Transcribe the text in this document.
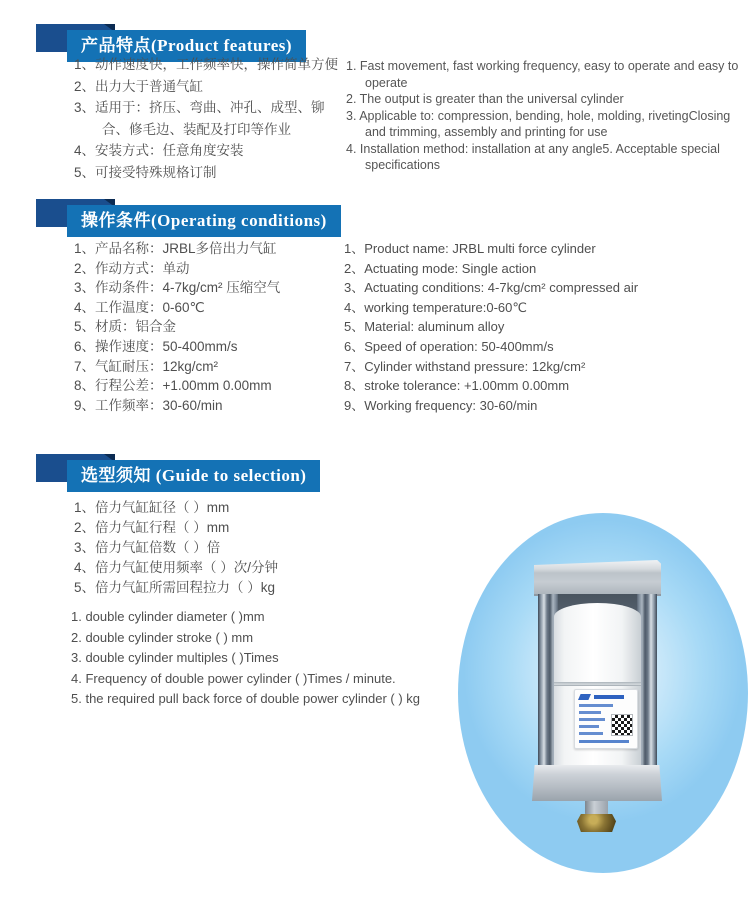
产品特点(Product features)
1、动作速度快，工作频率快，操作简单方便
2、出力大于普通气缸
3、适用于：挤压、弯曲、冲孔、成型、铆合、修毛边、装配及打印等作业
4、安装方式：任意角度安装
5、可接受特殊规格订制
1. Fast movement, fast working frequency, easy to operate and easy to operate
2. The output is greater than the universal cylinder
3. Applicable to: compression, bending, hole, molding, rivetingClosing and trimming, assembly and printing for use
4. Installation method: installation at any angle5. Acceptable special specifications
操作条件(Operating conditions)
1、产品名称：JRBL多倍出力气缸
2、作动方式：单动
3、作动条件：4-7kg/cm² 压缩空气
4、工作温度：0-60℃
5、材质：铝合金
6、操作速度：50-400mm/s
7、气缸耐压：12kg/cm²
8、行程公差：+1.00mm 0.00mm
9、工作频率：30-60/min
1、Product name: JRBL multi force cylinder
2、Actuating mode: Single action
3、Actuating conditions: 4-7kg/cm² compressed air
4、working temperature:0-60℃
5、Material: aluminum alloy
6、Speed of operation: 50-400mm/s
7、Cylinder withstand pressure: 12kg/cm²
8、stroke tolerance: +1.00mm 0.00mm
9、Working frequency: 30-60/min
选型须知 (Guide to selection)
1、倍力气缸缸径（ ）mm
2、倍力气缸行程（ ）mm
3、倍力气缸倍数（ ）倍
4、倍力气缸使用频率（ ）次/分钟
5、倍力气缸所需回程拉力（ ）kg
1. double cylinder diameter ( )mm
2. double cylinder stroke ( ) mm
3. double cylinder multiples ( )Times
4. Frequency of double power cylinder ( )Times / minute.
5. the required pull back force of double power cylinder ( ) kg
